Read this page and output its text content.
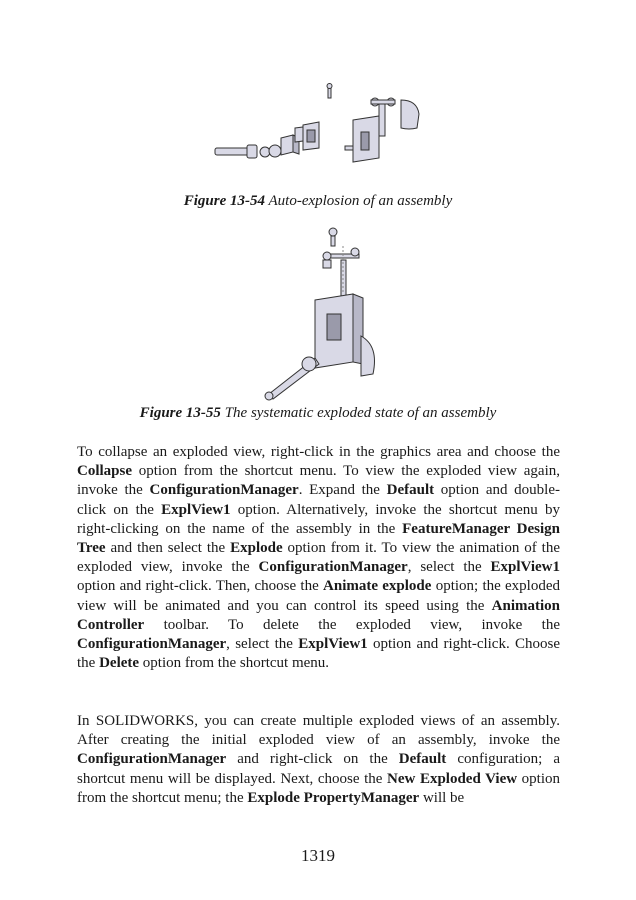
Figure 13-54 Auto-explosion of an assembly
Figure 13-55 The systematic exploded state of an assembly

To collapse an exploded view, right-click in the graphics area and choose the Collapse option from the shortcut menu. To view the exploded view again, invoke the ConfigurationManager. Expand the Default option and double-click on the ExplView1 option. Alternatively, invoke the shortcut menu by right-clicking on the name of the assembly in the FeatureManager Design Tree and then select the Explode option from it. To view the animation of the exploded view, invoke the ConfigurationManager, select the ExplView1 option and right-click. Then, choose the Animate explode option; the exploded view will be animated and you can control its speed using the Animation Controller toolbar. To delete the exploded view, invoke the ConfigurationManager, select the ExplView1 option and right-click. Choose the Delete option from the shortcut menu.

In SOLIDWORKS, you can create multiple exploded views of an assembly. After creating the initial exploded view of an assembly, invoke the ConfigurationManager and right-click on the Default configuration; a shortcut menu will be displayed. Next, choose the New Exploded View option from the shortcut menu; the Explode PropertyManager will be

1319
